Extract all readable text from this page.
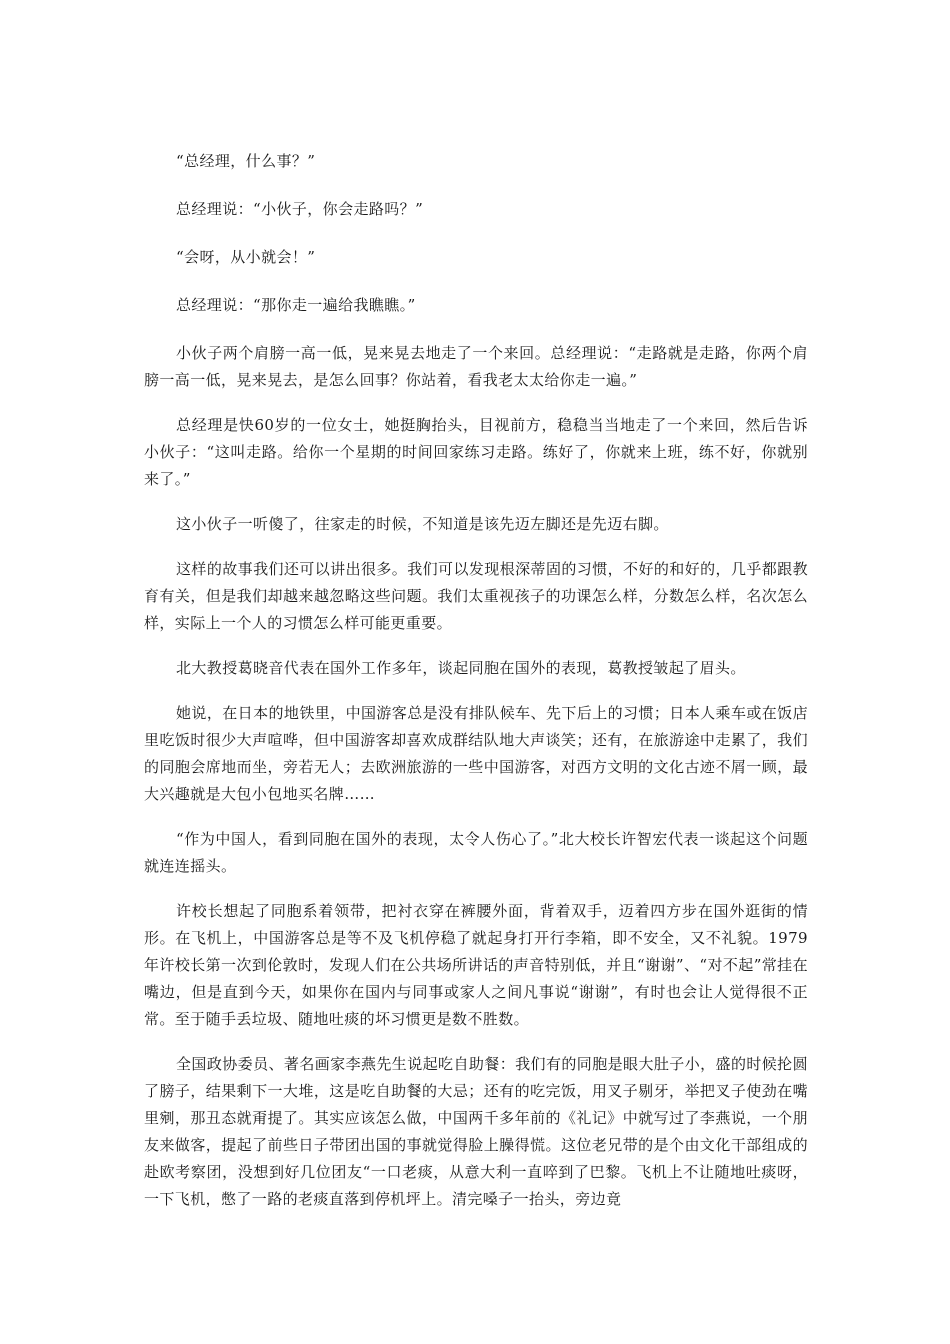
“总经理，什么事？”

总经理说：“小伙子，你会走路吗？”

“会呀，从小就会！”

总经理说：“那你走一遍给我瞧瞧。”

小伙子两个肩膀一高一低，晃来晃去地走了一个来回。总经理说：“走路就是走路，你两个肩膀一高一低，晃来晃去，是怎么回事？你站着，看我老太太给你走一遍。”

总经理是快60岁的一位女士，她挺胸抬头，目视前方，稳稳当当地走了一个来回，然后告诉小伙子：“这叫走路。给你一个星期的时间回家练习走路。练好了，你就来上班，练不好，你就别来了。”

这小伙子一听傻了，往家走的时候，不知道是该先迈左脚还是先迈右脚。

这样的故事我们还可以讲出很多。我们可以发现根深蒂固的习惯，不好的和好的，几乎都跟教育有关，但是我们却越来越忽略这些问题。我们太重视孩子的功课怎么样，分数怎么样，名次怎么样，实际上一个人的习惯怎么样可能更重要。

北大教授葛晓音代表在国外工作多年，谈起同胞在国外的表现，葛教授皱起了眉头。

她说，在日本的地铁里，中国游客总是没有排队候车、先下后上的习惯；日本人乘车或在饭店里吃饭时很少大声喧哗，但中国游客却喜欢成群结队地大声谈笑；还有，在旅游途中走累了，我们的同胞会席地而坐，旁若无人；去欧洲旅游的一些中国游客，对西方文明的文化古迹不屑一顾，最大兴趣就是大包小包地买名牌……

“作为中国人，看到同胞在国外的表现，太令人伤心了。”北大校长许智宏代表一谈起这个问题就连连摇头。

许校长想起了同胞系着领带，把衬衣穿在裤腰外面，背着双手，迈着四方步在国外逛街的情形。在飞机上，中国游客总是等不及飞机停稳了就起身打开行李箱，即不安全，又不礼貌。1979年许校长第一次到伦敦时，发现人们在公共场所讲话的声音特别低，并且“谢谢”、“对不起”常挂在嘴边，但是直到今天，如果你在国内与同事或家人之间凡事说“谢谢”，有时也会让人觉得很不正常。至于随手丢垃圾、随地吐痰的坏习惯更是数不胜数。

全国政协委员、著名画家李燕先生说起吃自助餐：我们有的同胞是眼大肚子小，盛的时候抡圆了膀子，结果剩下一大堆，这是吃自助餐的大忌；还有的吃完饭，用叉子剔牙，举把叉子使劲在嘴里剜，那丑态就甭提了。其实应该怎么做，中国两千多年前的《礼记》中就写过了李燕说，一个朋友来做客，提起了前些日子带团出国的事就觉得脸上臊得慌。这位老兄带的是个由文化干部组成的赴欧考察团，没想到好几位团友“一口老痰，从意大利一直啐到了巴黎。飞机上不让随地吐痰呀，一下飞机，憋了一路的老痰直落到停机坪上。清完嗓子一抬头，旁边竟
